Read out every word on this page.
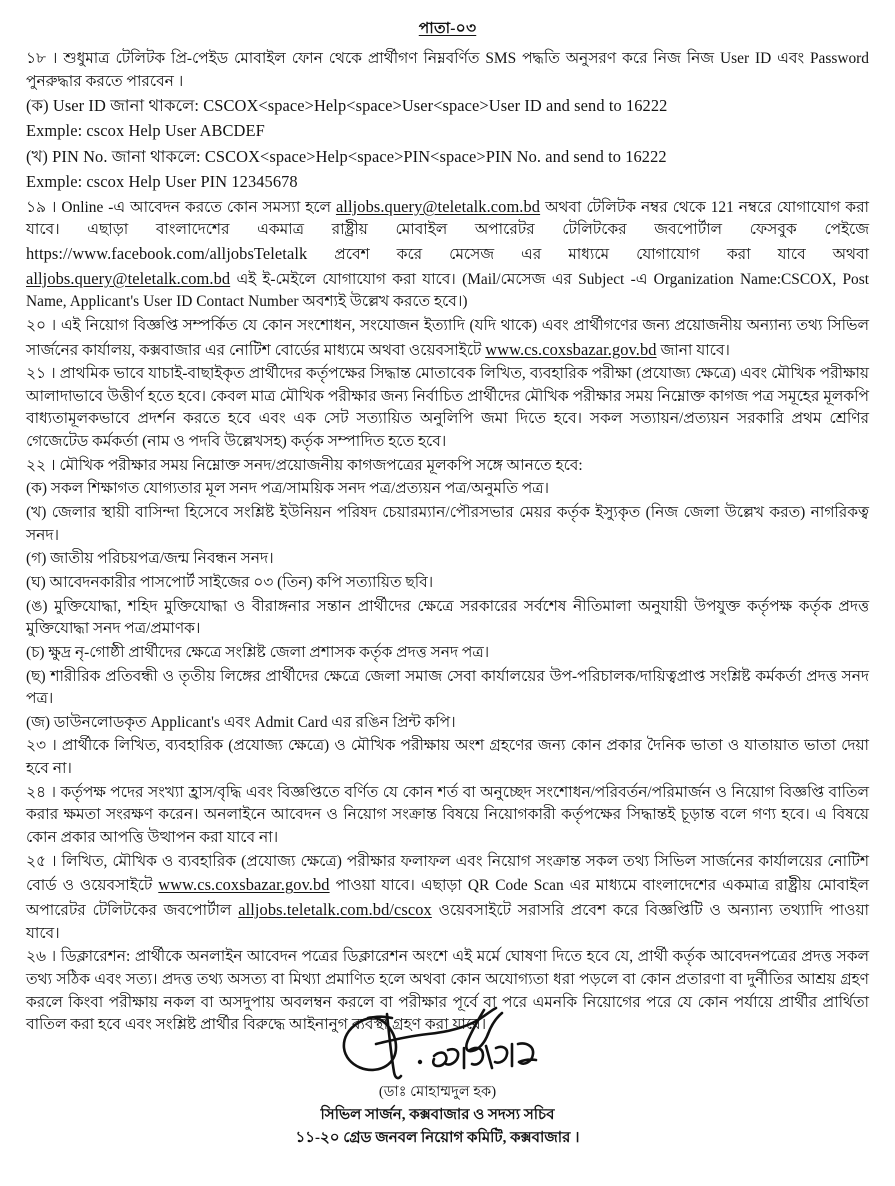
পাতা-০৩

১৮ । শুধুমাত্র টেলিটক প্রি-পেইড মোবাইল ফোন থেকে প্রার্থীগণ নিম্নবর্ণিত SMS পদ্ধতি অনুসরণ করে নিজ নিজ User ID এবং Password পুনরুদ্ধার করতে পারবেন ।

(ক) User ID জানা থাকলে: CSCOX<space>Help<space>User<space>User ID and send to 16222

Exmple: cscox Help User ABCDEF

(খ) PIN No. জানা থাকলে: CSCOX<space>Help<space>PIN<space>PIN No. and send to 16222

Exmple: cscox Help User PIN 12345678

১৯ । Online -এ আবেদন করতে কোন সমস্যা হলে alljobs.query@teletalk.com.bd অথবা টেলিটক নম্বর থেকে 121 নম্বরে যোগাযোগ করা যাবে। এছাড়া বাংলাদেশের একমাত্র রাষ্ট্রীয় মোবাইল অপারেটর টেলিটকের জবপোর্টাল ফেসবুক পেইজে https://www.facebook.com/alljobsTeletalk প্রবেশ করে মেসেজ এর মাধ্যমে যোগাযোগ করা যাবে অথবা alljobs.query@teletalk.com.bd এই ই-মেইলে যোগাযোগ করা যাবে। (Mail/মেসেজ এর Subject -এ Organization Name:CSCOX, Post Name, Applicant's User ID Contact Number অবশ্যই উল্লেখ করতে হবে।)

২০ । এই নিয়োগ বিজ্ঞপ্তি সম্পর্কিত যে কোন সংশোধন, সংযোজন ইত্যাদি (যদি থাকে) এবং প্রার্থীগণের জন্য প্রয়োজনীয় অন্যান্য তথ্য সিভিল সার্জনের কার্যালয়, কক্সবাজার এর নোটিশ বোর্ডের মাধ্যমে অথবা ওয়েবসাইটে www.cs.coxsbazar.gov.bd জানা যাবে।

২১ । প্রাথমিক ভাবে যাচাই-বাছাইকৃত প্রার্থীদের কর্তৃপক্ষের সিদ্ধান্ত মোতাবেক লিখিত, ব্যবহারিক পরীক্ষা (প্রযোজ্য ক্ষেত্রে) এবং মৌখিক পরীক্ষায় আলাদাভাবে উত্তীর্ণ হতে হবে। কেবল মাত্র মৌখিক পরীক্ষার জন্য নির্বাচিত প্রার্থীদের মৌখিক পরীক্ষার সময় নিম্নোক্ত কাগজ পত্র সমূহের মূলকপি বাধ্যতামূলকভাবে প্রদর্শন করতে হবে এবং এক সেট সত্যায়িত অনুলিপি জমা দিতে হবে। সকল সত্যায়ন/প্রত্যয়ন সরকারি প্রথম শ্রেণির গেজেটেড কর্মকর্তা (নাম ও পদবি উল্লেখসহ) কর্তৃক সম্পাদিত হতে হবে।

২২ । মৌখিক পরীক্ষার সময় নিম্নোক্ত সনদ/প্রয়োজনীয় কাগজপত্রের মূলকপি সঙ্গে আনতে হবে:

(ক) সকল শিক্ষাগত যোগ্যতার মূল সনদ পত্র/সাময়িক সনদ পত্র/প্রত্যয়ন পত্র/অনুমতি পত্র।

(খ) জেলার স্থায়ী বাসিন্দা হিসেবে সংশ্লিষ্ট ইউনিয়ন পরিষদ চেয়ারম্যান/পৌরসভার মেয়র কর্তৃক ইস্যুকৃত (নিজ জেলা উল্লেখ করত) নাগরিকত্ব সনদ।

(গ) জাতীয় পরিচয়পত্র/জন্ম নিবন্ধন সনদ।

(ঘ) আবেদনকারীর পাসপোর্ট সাইজের ০৩ (তিন) কপি সত্যায়িত ছবি।

(ঙ) মুক্তিযোদ্ধা, শহিদ মুক্তিযোদ্ধা ও বীরাঙ্গনার সন্তান প্রার্থীদের ক্ষেত্রে সরকারের সর্বশেষ নীতিমালা অনুযায়ী উপযুক্ত কর্তৃপক্ষ কর্তৃক প্রদত্ত মুক্তিযোদ্ধা সনদ পত্র/প্রমাণক।

(চ) ক্ষুদ্র নৃ-গোষ্ঠী প্রার্থীদের ক্ষেত্রে সংশ্লিষ্ট জেলা প্রশাসক কর্তৃক প্রদত্ত সনদ পত্র।

(ছ) শারীরিক প্রতিবন্ধী ও তৃতীয় লিঙ্গের প্রার্থীদের ক্ষেত্রে জেলা সমাজ সেবা কার্যালয়ের উপ-পরিচালক/দায়িত্বপ্রাপ্ত সংশ্লিষ্ট কর্মকর্তা প্রদত্ত সনদ পত্র।

(জ) ডাউনলোডকৃত Applicant's এবং Admit Card এর রঙিন প্রিন্ট কপি।

২৩ । প্রার্থীকে লিখিত, ব্যবহারিক (প্রযোজ্য ক্ষেত্রে) ও মৌখিক পরীক্ষায় অংশ গ্রহণের জন্য কোন প্রকার দৈনিক ভাতা ও যাতায়াত ভাতা দেয়া হবে না।

২৪ । কর্তৃপক্ষ পদের সংখ্যা হ্রাস/বৃদ্ধি এবং বিজ্ঞপ্তিতে বর্ণিত যে কোন শর্ত বা অনুচ্ছেদ সংশোধন/পরিবর্তন/পরিমার্জন ও নিয়োগ বিজ্ঞপ্তি বাতিল করার ক্ষমতা সংরক্ষণ করেন। অনলাইনে আবেদন ও নিয়োগ সংক্রান্ত বিষয়ে নিয়োগকারী কর্তৃপক্ষের সিদ্ধান্তই চূড়ান্ত বলে গণ্য হবে। এ বিষয়ে কোন প্রকার আপত্তি উত্থাপন করা যাবে না।

২৫ । লিখিত, মৌখিক ও ব্যবহারিক (প্রযোজ্য ক্ষেত্রে) পরীক্ষার ফলাফল এবং নিয়োগ সংক্রান্ত সকল তথ্য সিভিল সার্জনের কার্যালয়ের নোটিশ বোর্ড ও ওয়েবসাইটে www.cs.coxsbazar.gov.bd পাওয়া যাবে। এছাড়া QR Code Scan এর মাধ্যমে বাংলাদেশের একমাত্র রাষ্ট্রীয় মোবাইল অপারেটর টেলিটকের জবপোর্টাল alljobs.teletalk.com.bd/cscox ওয়েবসাইটে সরাসরি প্রবেশ করে বিজ্ঞপ্তিটি ও অন্যান্য তথ্যাদি পাওয়া যাবে।

২৬ । ডিক্লারেশন: প্রার্থীকে অনলাইন আবেদন পত্রের ডিক্লারেশন অংশে এই মর্মে ঘোষণা দিতে হবে যে, প্রার্থী কর্তৃক আবেদনপত্রের প্রদত্ত সকল তথ্য সঠিক এবং সত্য। প্রদত্ত তথ্য অসত্য বা মিথ্যা প্রমাণিত হলে অথবা কোন অযোগ্যতা ধরা পড়লে বা কোন প্রতারণা বা দুর্নীতির আশ্রয় গ্রহণ করলে কিংবা পরীক্ষায় নকল বা অসদুপায় অবলম্বন করলে বা পরীক্ষার পূর্বে বা পরে এমনকি নিয়োগের পরে যে কোন পর্যায়ে প্রার্থীর প্রার্থিতা বাতিল করা হবে এবং সংশ্লিষ্ট প্রার্থীর বিরুদ্ধে আইনানুগ ব্যবস্থা গ্রহণ করা যাবে।

(ডাঃ মোহাম্মদুল হক)

সিভিল সার্জন, কক্সবাজার ও সদস্য সচিব

১১-২০ গ্রেড জনবল নিয়োগ কমিটি, কক্সবাজার ।
